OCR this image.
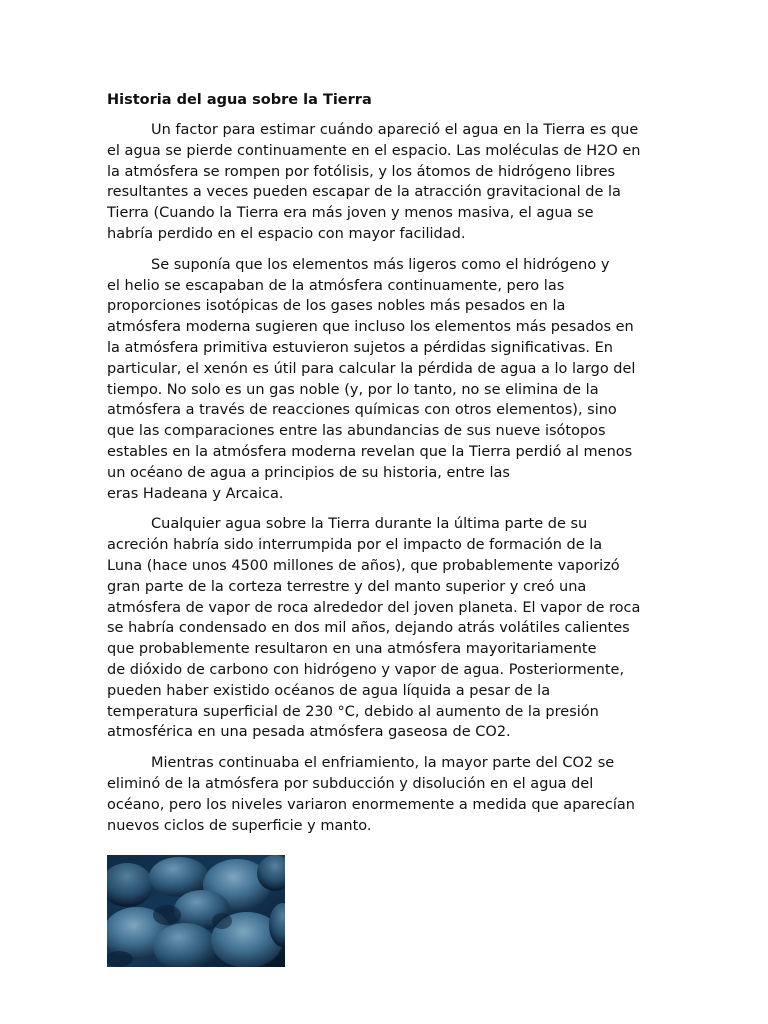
Historia del agua sobre la Tierra

Un factor para estimar cuándo apareció el agua en la Tierra es que
el agua se pierde continuamente en el espacio. Las moléculas de H2O en
la atmósfera se rompen por fotólisis, y los átomos de hidrógeno libres
resultantes a veces pueden escapar de la atracción gravitacional de la
Tierra (Cuando la Tierra era más joven y menos masiva, el agua se
habría perdido en el espacio con mayor facilidad.

Se suponía que los elementos más ligeros como el hidrógeno y
el helio se escapaban de la atmósfera continuamente, pero las
proporciones isotópicas de los gases nobles más pesados en la
atmósfera moderna sugieren que incluso los elementos más pesados en
la atmósfera primitiva estuvieron sujetos a pérdidas significativas. En
particular, el xenón es útil para calcular la pérdida de agua a lo largo del
tiempo. No solo es un gas noble (y, por lo tanto, no se elimina de la
atmósfera a través de reacciones químicas con otros elementos), sino
que las comparaciones entre las abundancias de sus nueve isótopos
estables en la atmósfera moderna revelan que la Tierra perdió al menos
un océano de agua a principios de su historia, entre las
eras Hadeana y Arcaica.

Cualquier agua sobre la Tierra durante la última parte de su
acreción habría sido interrumpida por el impacto de formación de la
Luna (hace unos 4500 millones de años), que probablemente vaporizó
gran parte de la corteza terrestre y del manto superior y creó una
atmósfera de vapor de roca alrededor del joven planeta. El vapor de roca
se habría condensado en dos mil años, dejando atrás volátiles calientes
que probablemente resultaron en una atmósfera mayoritariamente
de dióxido de carbono con hidrógeno y vapor de agua. Posteriormente,
pueden haber existido océanos de agua líquida a pesar de la
temperatura superficial de 230 °C, debido al aumento de la presión
atmosférica en una pesada atmósfera gaseosa de CO2.

Mientras continuaba el enfriamiento, la mayor parte del CO2 se
eliminó de la atmósfera por subducción y disolución en el agua del
océano, pero los niveles variaron enormemente a medida que aparecían
nuevos ciclos de superficie y manto.
